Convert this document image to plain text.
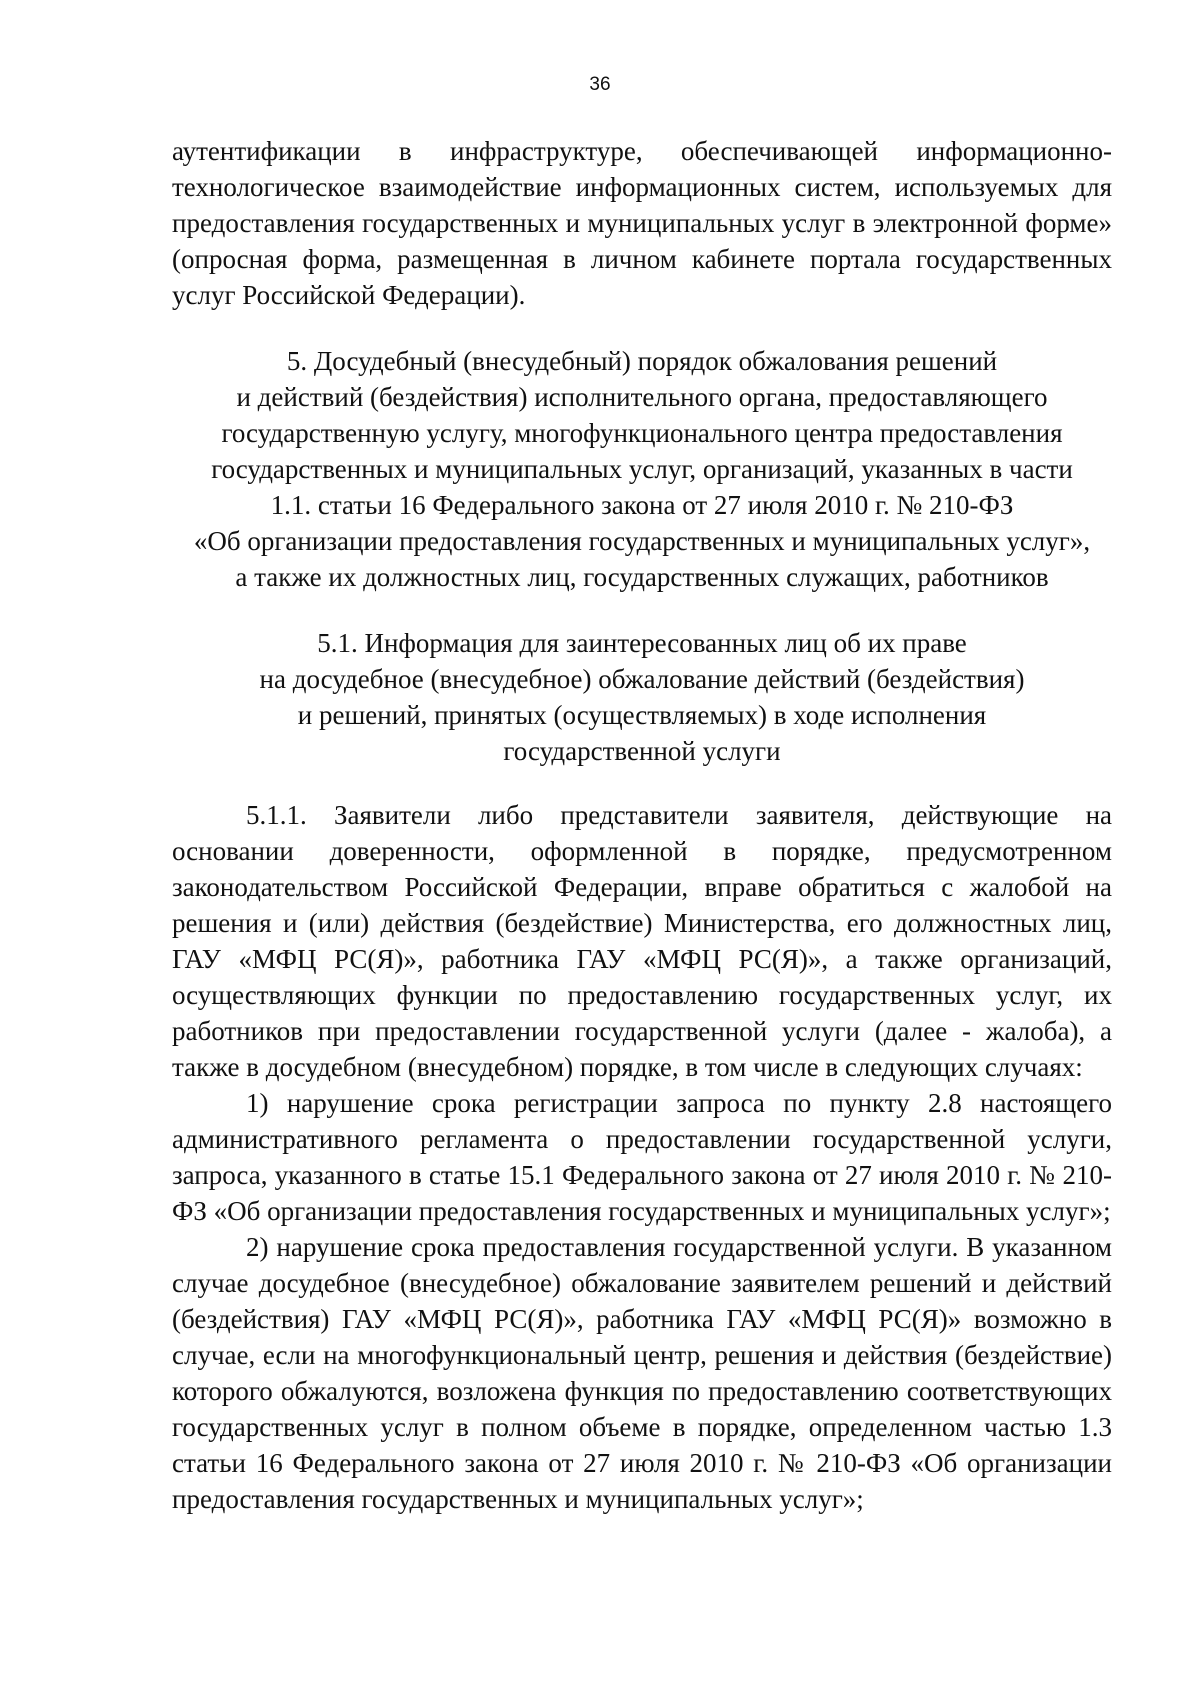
36

аутентификации в инфраструктуре, обеспечивающей информационно-технологическое взаимодействие информационных систем, используемых для предоставления государственных и муниципальных услуг в электронной форме» (опросная форма, размещенная в личном кабинете портала государственных услуг Российской Федерации).

5. Досудебный (внесудебный) порядок обжалования решений
и действий (бездействия) исполнительного органа, предоставляющего
государственную услугу, многофункционального центра предоставления
государственных и муниципальных услуг, организаций, указанных в части
1.1. статьи 16 Федерального закона от 27 июля 2010 г. № 210-ФЗ
«Об организации предоставления государственных и муниципальных услуг»,
а также их должностных лиц, государственных служащих, работников
5.1. Информация для заинтересованных лиц об их праве
на досудебное (внесудебное) обжалование действий (бездействия)
и решений, принятых (осуществляемых) в ходе исполнения
государственной услуги

5.1.1. Заявители либо представители заявителя, действующие на основании доверенности, оформленной в порядке, предусмотренном законодательством Российской Федерации, вправе обратиться с жалобой на решения и (или) действия (бездействие) Министерства, его должностных лиц, ГАУ «МФЦ РС(Я)», работника ГАУ «МФЦ РС(Я)», а также организаций, осуществляющих функции по предоставлению государственных услуг, их работников при предоставлении государственной услуги (далее - жалоба), а также в досудебном (внесудебном) порядке, в том числе в следующих случаях:

1) нарушение срока регистрации запроса по пункту 2.8 настоящего административного регламента о предоставлении государственной услуги, запроса, указанного в статье 15.1 Федерального закона от 27 июля 2010 г. № 210-ФЗ «Об организации предоставления государственных и муниципальных услуг»;

2) нарушение срока предоставления государственной услуги. В указанном случае досудебное (внесудебное) обжалование заявителем решений и действий (бездействия) ГАУ «МФЦ РС(Я)», работника ГАУ «МФЦ РС(Я)» возможно в случае, если на многофункциональный центр, решения и действия (бездействие) которого обжалуются, возложена функция по предоставлению соответствующих государственных услуг в полном объеме в порядке, определенном частью 1.3 статьи 16 Федерального закона от 27 июля 2010 г. № 210-ФЗ «Об организации предоставления государственных и муниципальных услуг»;
